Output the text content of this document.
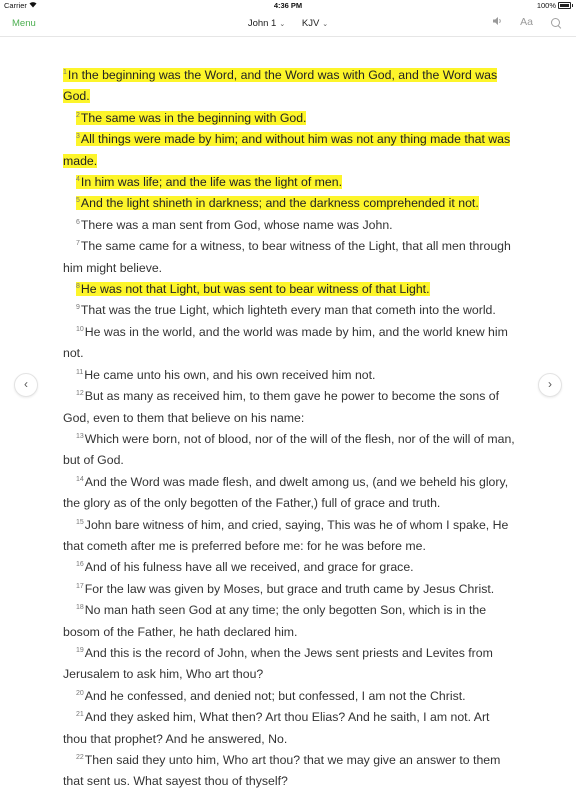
Carrier	4:36 PM	100%
Menu	John 1 ⌄ KJV ⌄	Aa
$^1$In the beginning was the Word, and the Word was with God, and the Word was God.
$^2$The same was in the beginning with God.
$^3$All things were made by him; and without him was not any thing made that was made.
$^4$In him was life; and the life was the light of men.
$^5$And the light shineth in darkness; and the darkness comprehended it not.
$^6$There was a man sent from God, whose name was John.
$^7$The same came for a witness, to bear witness of the Light, that all men through him might believe.
$^8$He was not that Light, but was sent to bear witness of that Light.
$^9$That was the true Light, which lighteth every man that cometh into the world.
$^{10}$He was in the world, and the world was made by him, and the world knew him not.
$^{11}$He came unto his own, and his own received him not.
$^{12}$But as many as received him, to them gave he power to become the sons of God, even to them that believe on his name:
$^{13}$Which were born, not of blood, nor of the will of the flesh, nor of the will of man, but of God.
$^{14}$And the Word was made flesh, and dwelt among us, (and we beheld his glory, the glory as of the only begotten of the Father,) full of grace and truth.
$^{15}$John bare witness of him, and cried, saying, This was he of whom I spake, He that cometh after me is preferred before me: for he was before me.
$^{16}$And of his fulness have all we received, and grace for grace.
$^{17}$For the law was given by Moses, but grace and truth came by Jesus Christ.
$^{18}$No man hath seen God at any time; the only begotten Son, which is in the bosom of the Father, he hath declared him.
$^{19}$And this is the record of John, when the Jews sent priests and Levites from Jerusalem to ask him, Who art thou?
$^{20}$And he confessed, and denied not; but confessed, I am not the Christ.
$^{21}$And they asked him, What then? Art thou Elias? And he saith, I am not. Art thou that prophet? And he answered, No.
$^{22}$Then said they unto him, Who art thou? that we may give an answer to them that sent us. What sayest thou of thyself?
‹	›
